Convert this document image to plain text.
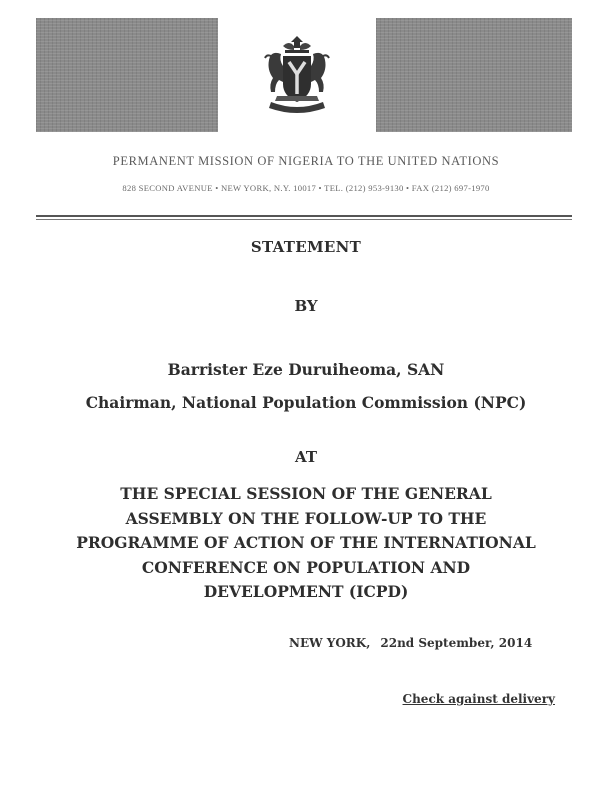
PERMANENT MISSION OF NIGERIA TO THE UNITED NATIONS
828 SECOND AVENUE • NEW YORK, N.Y. 10017 • TEL. (212) 953-9130 • FAX (212) 697-1970
STATEMENT
BY
Barrister Eze Duruiheoma, SAN
Chairman, National Population Commission (NPC)
AT
THE SPECIAL SESSION OF THE GENERAL
ASSEMBLY ON THE FOLLOW-UP TO THE
PROGRAMME OF ACTION OF THE INTERNATIONAL
CONFERENCE ON POPULATION AND
DEVELOPMENT (ICPD)
NEW YORK, 22nd September, 2014
Check against delivery
